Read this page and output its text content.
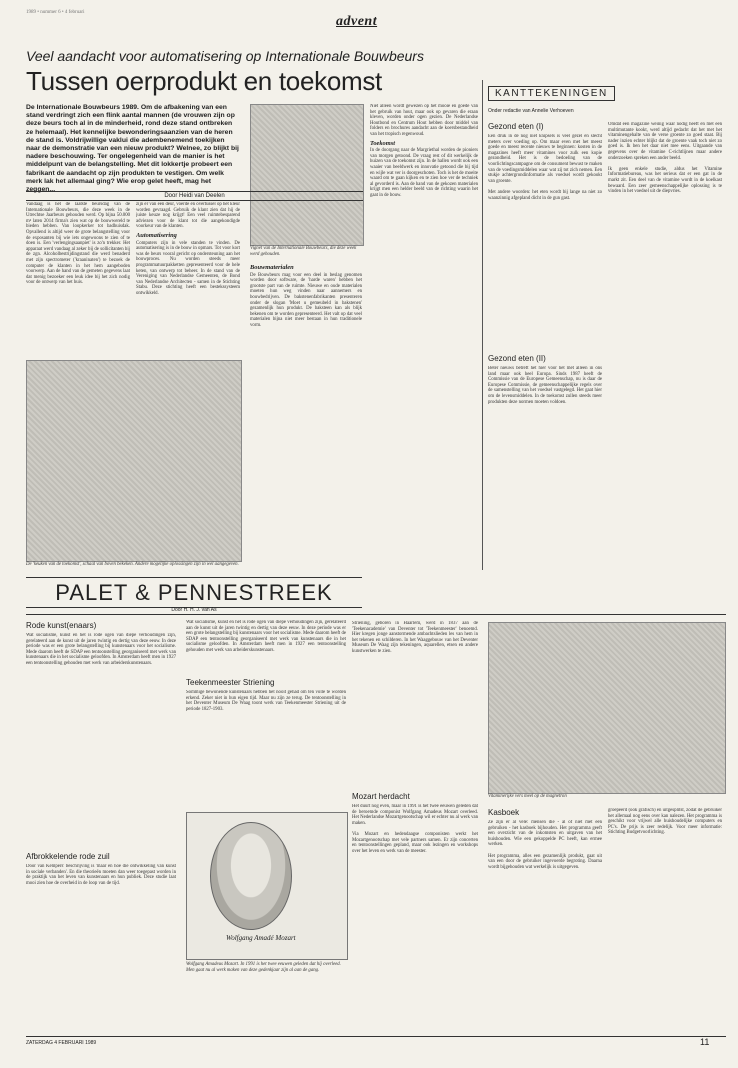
1989 • nummer 6 • 4 februari
advent
Veel aandacht voor automatisering op Internationale Bouwbeurs
Tussen oerprodukt en toekomst
De Internationale Bouwbeurs 1989. Om de afbakening van een stand verdringt zich een flink aantal mannen (de vrouwen zijn op deze beurs toch al in de minderheid, rond deze stand ontbreken ze helemaal). Het kennelijke bewonderingsaanzien van de heren de stand is. Voldrijwillige vaklui die adembenemend toekijken naar de demonstratie van een nieuw produkt? Welnee, zo blijkt bij nadere beschouwing. Ter ongelegenheid van de manier is het middelpunt van de belangstelling. Met dit lokkertje probeert een fabrikant de aandacht op zijn produkten te vestigen. Om welk merk lak het allemaal ging? Wie erop gelet heeft, mag het zeggen...
Vignet van de Internationale Bouwbeurs, die deze week werd gehouden.
Door Heidi van Deelen
Vandaag is het de laatste beursdag van de Internationale Bouwbeurs, die deze week in de Utrechtse Jaarbeurs gehouden werd. Op bijna 50.000 m² laten 2014 firma's zien wat op de bouwwereld te bieden hebben. Van loopkerker tot badhuisdak. Opvallend is altijd weer de grote belangstelling voor de exposanten bij wie iets ongewoons te zien of te doen is. Een 'verlengingsaanpiet' is zo'n trekker. Het apparaat werd vandaag al zeker bij de sollicitanten bij de zgn. Alcoholbestrijdingstand die werd benaderd met zijn spectrometer ('kraaninaten') te bezoek de computer de klanten in het hem aangeboden voorwerp. Aan de hand van de gemeten gegevens laat dat menig bezoeker een leuk idee bij het zich nodig voor de ontwerp van het huis.
zijn er van een deur, voerde en overtussel op het kleur worden gevraagd. Gebruik de klant zien dat hij de juiste keuze nog krijgt! Een veel ruimtebesparend adviezen voor de klant tot die aangekondigde voorkeur van de klanten.
Automatisering
Computers zijn in vele standen te vinden. De automatisering is in de bouw in opmars. Tot voor kort was de beurs vooral gericht op ondersteuning aan het bouwproces. Nu worden steeds meer programmatuurpakketten gepresenteerd voor de hele keten, van ontwerp tot beheer. In de stand van de Vereniging van Nederlandse Gemeenten, de Bond van Nederlandse Architecten - samen in de Stichting Stabu. Deze stichting heeft een bestekssysteem ontwikkeld.
De 'keuken van de toekomst', schaal van boven bekeken. Andere mogelijke oplossingen zijn in wel aangegeven.
Bouwmaterialen
De Bouwbeurs mag voor een deel in beslag genomen worden door software, de 'harde waren' hebben het grootste part van de ruimte. Nieuwe en oude materialen moeten hun weg vinden naar aannemers en bouwbedrijven. De bakstenenfabrikanten presenteren onder de slogan 'Moet u gemeubeld in bakstenen' gezamenlijk hun produkt. De baksteen kan als blijk bekenen om te worden gepresenteerd. Het valt op dat veel materialen bijna niet meer bestaan in hun traditionele vorm.
Niet alleen wordt gewezen op het mooie en goede van het gebruik van hout, maar ook op gevaren die eraan kleven, worden onder ogen gezien. De Nederlandse Houtbond en Centrum Hout hebben door middel van folders en brochures aandacht aan de koersbestandheid van het tropisch regenwoud.
Toekomst
In de doorgang naar de Margriethal worden de pioniers van morgen getoond. De vraag rest of dit werkelijk de huizen van de toekomst zijn. In de hallen wordt ook een waaier van beeldwerk en innovatie getoond die bij tijd en wijle wat ver is doorgeschoten. Toch is het de moeite waard om te gaan kijken en te zien hoe ver de techniek al gevorderd is. Aan de hand van de gekozen materialen krijgt men een helder beeld van de richting waarin het gaat in de bouw.
KANTTEKENINGEN
Onder redactie van Annelie Verhoeven
Gezond eten (I)
Een druk in de nog niet knipsels is veel gezel en slecht meters over voeding op. Om maar even met het meest goede en meest recente nieuws te beginnen: kosten in de magazines heeft meer vitamines voor zulk een kopie gezondheid. Het is de bedoeling van de voorlichtingscampagne om de consument bewust te maken van de voedingsmiddelen waar wat zij tot zich nemen. Een stukje achtergrondinformatie als voedsel wordt gekookt van groente.

Met andere woorden: het eten wordt bij lange na niet zo waanzinnig afgepland dicht in de gun gast.
Gezond eten (II)
Beter nieuws betreft het hier voor het met alleen in ons land maar ook heel Europa. Sinds 1987 heeft de Commissie van de Europese Gemeenschap, nu is daar de Europese Commissie, de gemeenschappelijke regels over de samenstelling van het voedsel vastgelegd. Het gaat hier om de levensmiddelen. In de toekomst zullen steeds meer produkten deze normen moeten voldoen.
Omdat een magazine weinig waar nodig heeft en met een multimutante kookt, werd altijd gedacht dat het met het vitaminengehalte van de verse groente zo goed staat. Bij nader inzien echter blijkt dat de groente vaak toch niet zo goed is. Ik ben het daar niet mee eens. Uitgaande van gegevens over de vitamine C-richtlijnen maar andere onderzoeken spreken een ander beeld.

Ik geen enkele studie, aldus het Vitamine Informatiebureau, was het serieus dat er een gat in de markt zit. Een deel van de vitamine wordt in de koelkast bewaard. Een zeer gemeenschappelijke oplossing is te vinden in het voedsel uit de diepvries.
PALET & PENNESTREEK
Door H. H. J. van As
Rode kunst(enaars)
Wat socialisme, kunst en het is rode ogen van diepe verhoudingen zijn, gerelateerd aan de kunst uit de jaren twintig en dertig van deze eeuw. In deze periode was er een grote belangstelling bij kunstenaars voor het socialisme. Mede daarom heeft de SDAP een tentoonstelling georganiseerd met werk van kunstenaars die in het socialisme geloofden. In Amsterdam heeft men in 1927 een tentoonstelling gehouden met werk van arbeiderskunstenaars.
Afbrokkelende rode zuil
Door van Kempers' beschrijving is 'maar en hoe die ontwikkeling van kunst in sociale verbanden'. En die theorieën moeten dan weer toegepast worden in de praktijk van het leven van kunstenaars en hun publiek. Deze studie laat mooi zien hoe de overheid in de loop van de tijd.
Teekenmeester Striening
Wat socialisme, kunst en het is rode ogen van diepe verhoudingen zijn, gerelateerd aan de kunst uit de jaren twintig en dertig van deze eeuw. In deze periode was er een grote belangstelling bij kunstenaars voor het socialisme. Mede daarom heeft de SDAP een tentoonstelling georganiseerd met werk van kunstenaars die in het socialisme geloofden. In Amsterdam heeft men in 1927 een tentoonstelling gehouden met werk van arbeiderskunstenaars.
Sommige bewonende kunstenaars hebben het nooit gehad om ten volle te worden erkend. Zeker niet in hun eigen tijd. Maar nu zijn ze terug. De tentoonstelling in het Deventer Museum De Waag toont werk van Teekenmeester Striening uit de periode 1827-1903.
Wolfgang Amadé Mozart
Wolfgang Amadeus Mozart. In 1991 is het twee eeuwen geleden dat hij overleed. Men gaat nu al werk maken van deze gedenkjaar zijn al aan de gang.
Striening, geboren in Haarlem, werd in 1837 aan de 'Teekenacademie' van Deventer tot 'Teekenmeester' benoemd. Hier kregen jonge aanstormende ambachtslieden les van hem in het tekenen en schilderen. In het Waaggebouw van het Deventer Museum De Waag zijn tekeningen, aquarellen, etsen en andere kunstwerken te zien.
Mozart herdacht
Het duurt nog even, maar in 1991 is het twee eeuwen geleden dat de beroemde componist Wolfgang Amadeus Mozart overleed. Het Nederlandse Mozartgenootschap wil er echter nu al werk van maken.

Via Mozart en hedendaagse componisten werkt het Mozartgenootschap met vele partners samen. Er zijn concerten en tentoonstellingen gepland, maar ook lezingen en workshops over het leven en werk van de meester.
Vitaminerijke vers meel op de magnetron
Kasboek
Ze zijn er al vele: mensen die - al of niet met een gebruiken - het kasboek bijhouden. Het programma geeft een overzicht van de inkomsten en uitgaven van het huishouden. Wie een gekoppelde PC heeft, kan ermee werken.

Het programma, alles een gezamenlijk produkt, gaat uit van een door de gebruiker ingevoerde begroting. Daarna wordt bijgehouden wat werkelijk is uitgegeven.
groepeerd (ook grafisch) en uitgesplitst, zodat de gebruiker het allemaal nog eens over kan nalezen. Het programma is geschikt voor vrijwel alle huishoudelijke computers en PC's. De prijs is zeer redelijk. Voor meer informatie: Stichting Budgetvoorlichting.
ZATERDAG 4 FEBRUARI 1989	11
